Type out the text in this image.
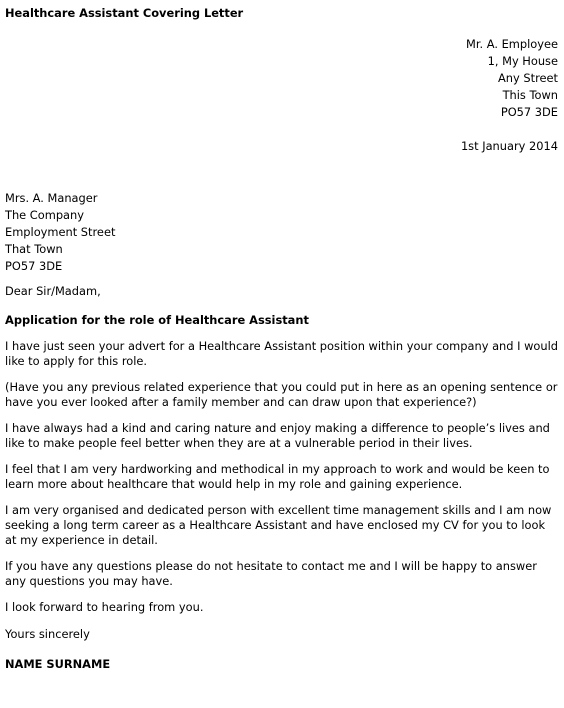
Healthcare Assistant Covering Letter
Mr. A. Employee
1, My House
Any Street
This Town
PO57 3DE
1st January 2014
Mrs. A. Manager
The Company
Employment Street
That Town
PO57 3DE
Dear Sir/Madam,
Application for the role of Healthcare Assistant
I have just seen your advert for a Healthcare Assistant position within your company and I would like to apply for this role.
(Have you any previous related experience that you could put in here as an opening sentence or have you ever looked after a family member and can draw upon that experience?)
I have always had a kind and caring nature and enjoy making a difference to people’s lives and like to make people feel better when they are at a vulnerable period in their lives.
I feel that I am very hardworking and methodical in my approach to work and would be keen to learn more about healthcare that would help in my role and gaining experience.
I am very organised and dedicated person with excellent time management skills and I am now seeking a long term career as a Healthcare Assistant and have enclosed my CV for you to look at my experience in detail.
If you have any questions please do not hesitate to contact me and I will be happy to answer any questions you may have.
I look forward to hearing from you.
Yours sincerely
NAME SURNAME
